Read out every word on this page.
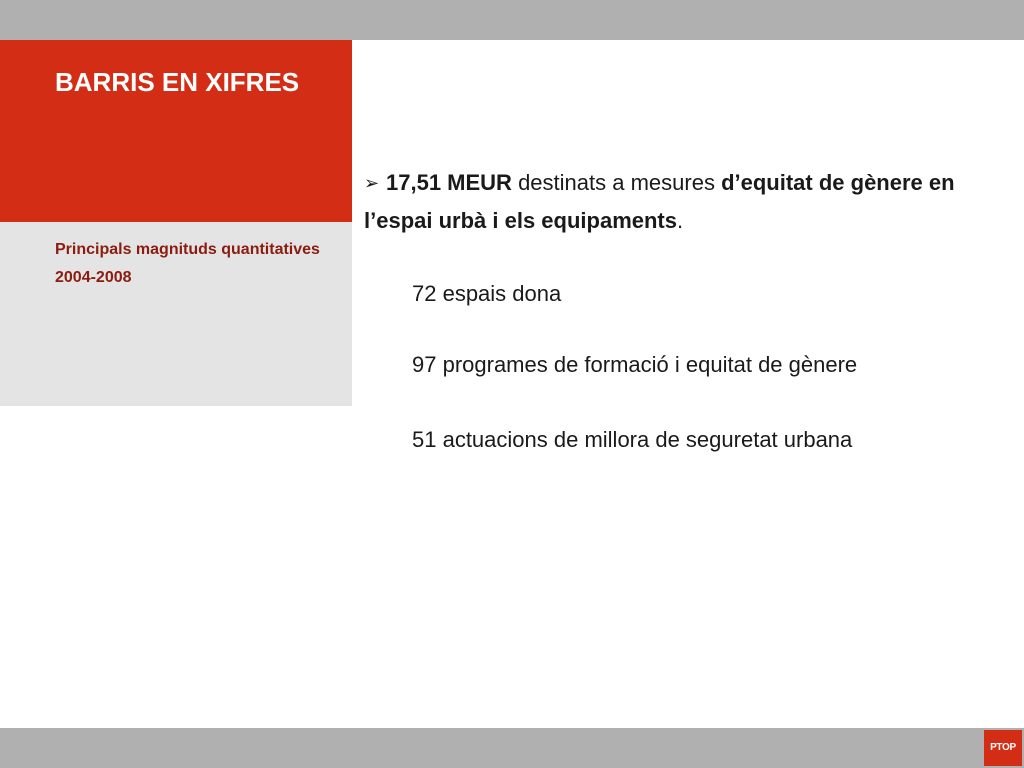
BARRIS EN XIFRES

Principals magnituds quantitatives 2004-2008

➢ 17,51 MEUR destinats a mesures d’equitat de gènere en l’espai urbà i els equipaments.
72 espais dona
97 programes de formació i equitat de gènere
51 actuacions de millora de seguretat urbana
PTOP
